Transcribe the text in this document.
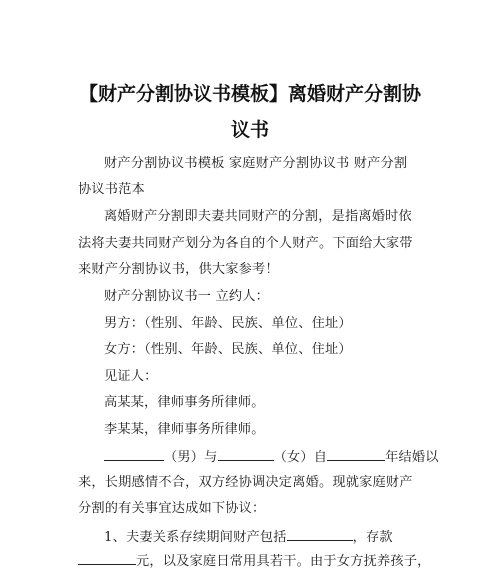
【财产分割协议书模板】离婚财产分割协
议书
财产分割协议书模板 家庭财产分割协议书 财产分割
协议书范本
离婚财产分割即夫妻共同财产的分割，是指离婚时依
法将夫妻共同财产划分为各自的个人财产。下面给大家带
来财产分割协议书，供大家参考！
财产分割协议书一 立约人：
男方：（性别、年龄、民族、单位、住址）
女方：（性别、年龄、民族、单位、住址）
见证人：
高某某，律师事务所律师。
李某某，律师事务所律师。
（男）与	（女）自	年结婚以
来，长期感情不合，双方经协调决定离婚。现就家庭财产
分割的有关事宜达成如下协议：
1、夫妻关系存续期间财产包括	，存款
元，以及家庭日常用具若干。由于女方抚养孩子，
